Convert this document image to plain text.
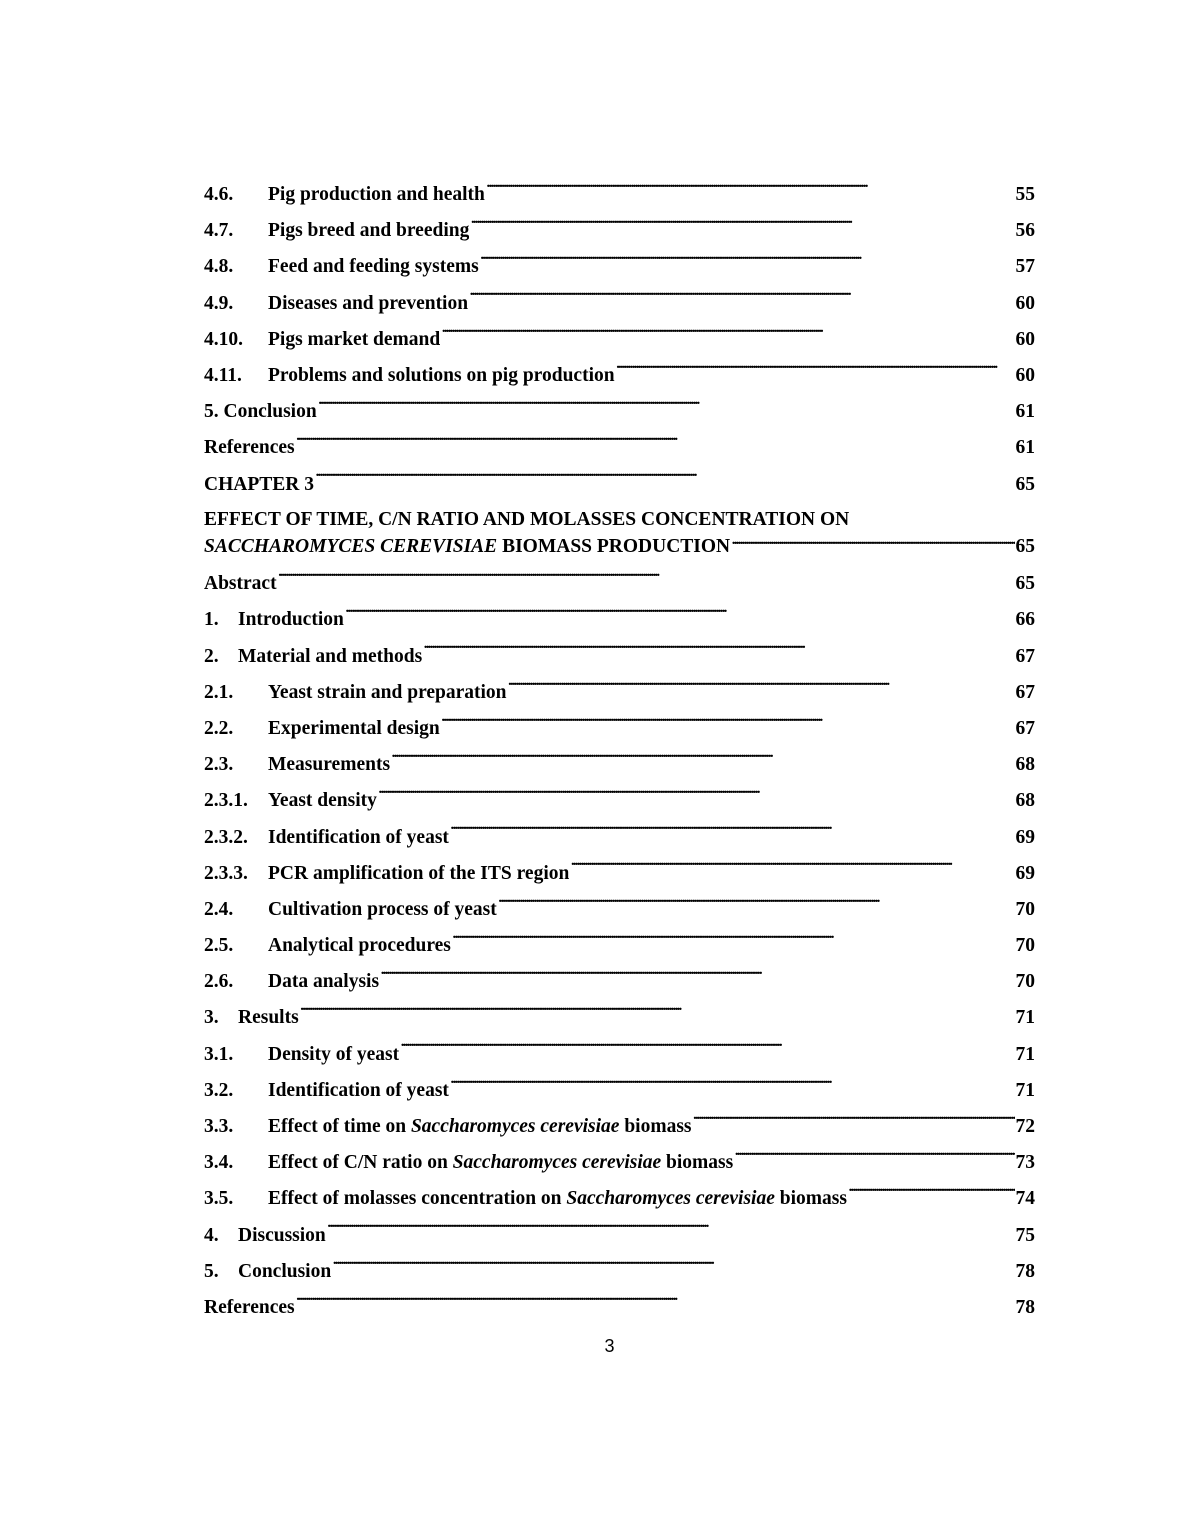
4.6.	Pig production and health . . .	55
4.7.	Pigs breed and breeding . . .	56
4.8.	Feed and feeding systems . . .	57
4.9.	Diseases and prevention . . .	60
4.10.	Pigs market demand . . .	60
4.11.	Problems and solutions on pig production . . .	60
5. Conclusion . . .	61
References . . .	61
CHAPTER 3 . . .	65
EFFECT OF TIME, C/N RATIO AND MOLASSES CONCENTRATION ON
SACCHAROMYCES CEREVISIAE BIOMASS PRODUCTION . . .	65
Abstract . . .	65
1. Introduction . . .	66
2. Material and methods . . .	67
2.1.	Yeast strain and preparation . . .	67
2.2.	Experimental design . . .	67
2.3.	Measurements . . .	68
2.3.1.	Yeast density . . .	68
2.3.2.	Identification of yeast . . .	69
2.3.3.	PCR amplification of the ITS region . . .	69
2.4.	Cultivation process of yeast . . .	70
2.5.	Analytical procedures . . .	70
2.6.	Data analysis . . .	70
3. Results . . .	71
3.1.	Density of yeast . . .	71
3.2.	Identification of yeast . . .	71
3.3.	Effect of time on Saccharomyces cerevisiae biomass . . .	72
3.4.	Effect of C/N ratio on Saccharomyces cerevisiae biomass . . .	73
3.5.	Effect of molasses concentration on Saccharomyces cerevisiae biomass . . .	74
4. Discussion . . .	75
5. Conclusion . . .	78
References . . .	78
3
